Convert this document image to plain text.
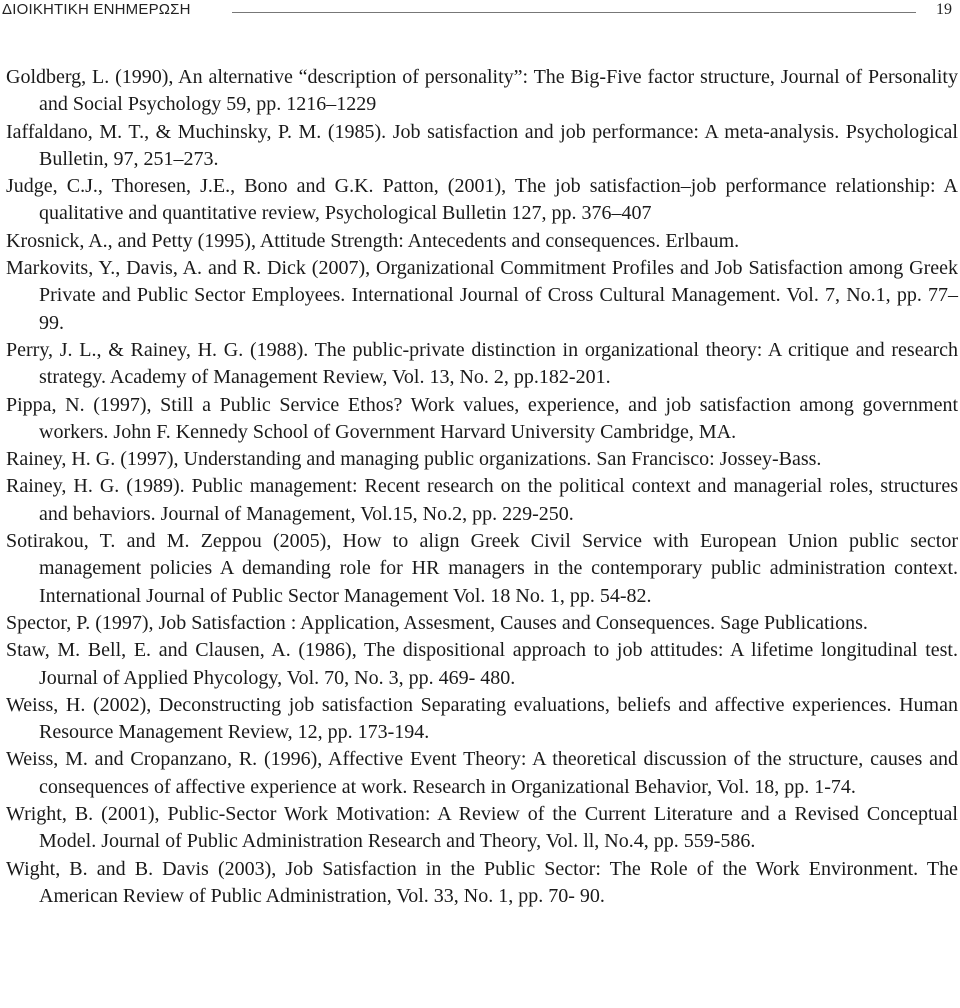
ΔΙΟΙΚΗΤΙΚΗ ΕΝΗΜΕΡΩΣΗ	19
Goldberg, L. (1990), An alternative “description of personality”: The Big-Five factor structure, Journal of Personality and Social Psychology 59, pp. 1216–1229
Iaffaldano, M. T., & Muchinsky, P. M. (1985). Job satisfaction and job performance: A meta-analysis. Psychological Bulletin, 97, 251–273.
Judge, C.J., Thoresen, J.E., Bono and G.K. Patton, (2001), The job satisfaction–job performance relationship: A qualitative and quantitative review, Psychological Bulletin 127, pp. 376–407
Krosnick, A., and Petty (1995), Attitude Strength: Antecedents and consequences. Erlbaum.
Markovits, Y., Davis, A. and R. Dick (2007), Organizational Commitment Profiles and Job Satisfaction among Greek Private and Public Sector Employees. International Journal of Cross Cultural Management. Vol. 7, No.1, pp. 77–99.
Perry, J. L., & Rainey, H. G. (1988). The public-private distinction in organizational theory: A critique and research strategy. Academy of Management Review, Vol. 13, No. 2, pp.182-201.
Pippa, N. (1997), Still a Public Service Ethos? Work values, experience, and job satisfaction among government workers. John F. Kennedy School of Government Harvard University Cambridge, MA.
Rainey, H. G. (1997), Understanding and managing public organizations. San Francisco: Jossey-Bass.
Rainey, H. G. (1989). Public management: Recent research on the political context and managerial roles, structures and behaviors. Journal of Management, Vol.15, No.2, pp. 229-250.
Sotirakou, T. and M. Zeppou (2005), How to align Greek Civil Service with European Union public sector management policies A demanding role for HR managers in the contemporary public administration context. International Journal of Public Sector Management Vol. 18 No. 1, pp. 54-82.
Spector, P. (1997), Job Satisfaction : Application, Assesment, Causes and Consequences. Sage Publications.
Staw, M. Bell, E. and Clausen, A. (1986), The dispositional approach to job attitudes: A lifetime longitudinal test. Journal of Applied Phycology, Vol. 70, No. 3, pp. 469- 480.
Weiss, H. (2002), Deconstructing job satisfaction Separating evaluations, beliefs and affective experiences. Human Resource Management Review, 12, pp. 173-194.
Weiss, M. and Cropanzano, R. (1996), Affective Event Theory: A theoretical discussion of the structure, causes and consequences of affective experience at work. Research in Organizational Behavior, Vol. 18, pp. 1-74.
Wright, B. (2001), Public-Sector Work Motivation: A Review of the Current Literature and a Revised Conceptual Model. Journal of Public Administration Research and Theory, Vol. ll, No.4, pp. 559-586.
Wight, B. and B. Davis (2003), Job Satisfaction in the Public Sector: The Role of the Work Environment. The American Review of Public Administration, Vol. 33, No. 1, pp. 70- 90.
